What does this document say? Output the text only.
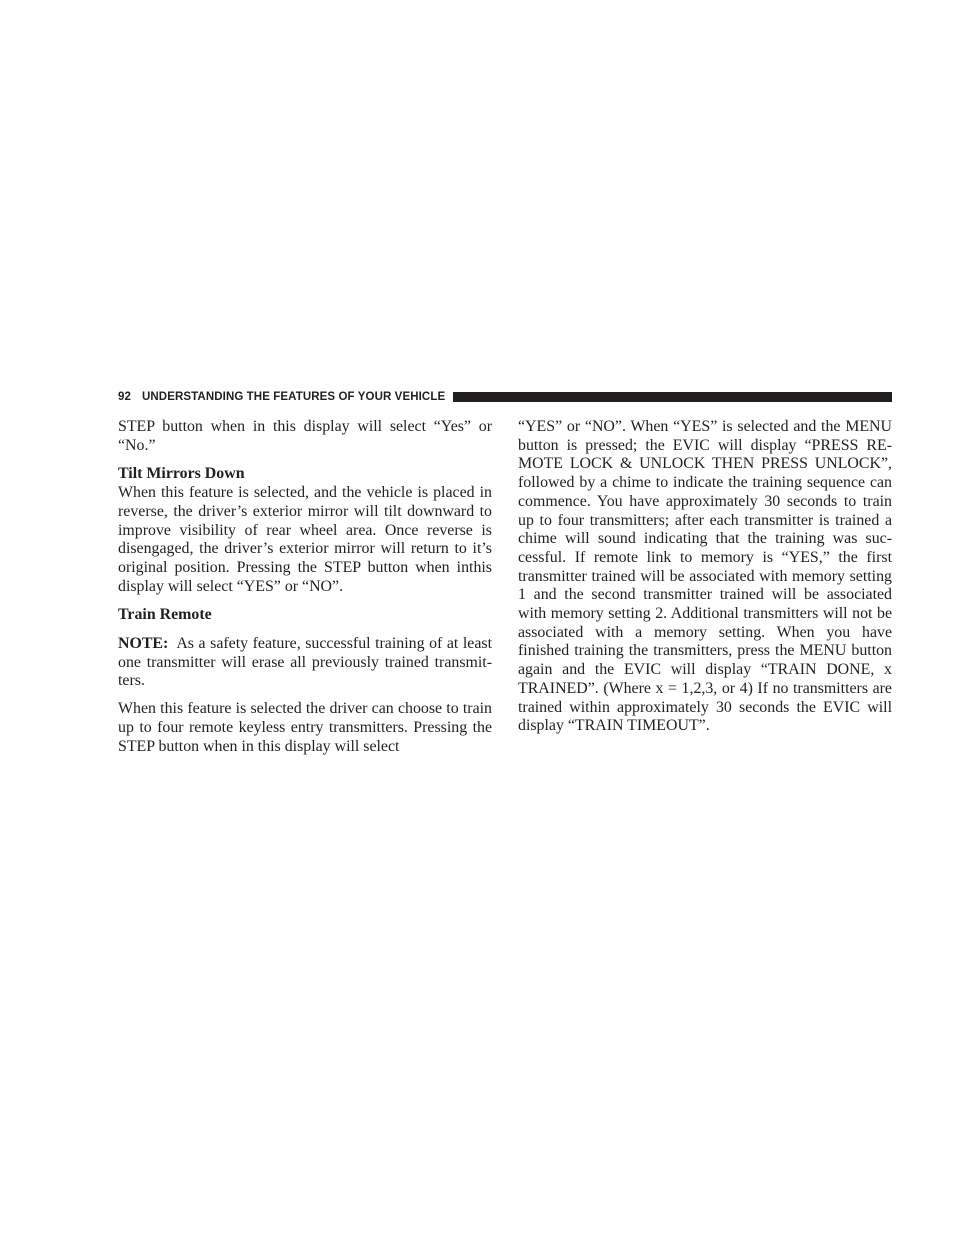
92 UNDERSTANDING THE FEATURES OF YOUR VEHICLE

STEP button when in this display will select “Yes” or “No.”

Tilt Mirrors Down

When this feature is selected, and the vehicle is placed in reverse, the driver’s exterior mirror will tilt downward to improve visibility of rear wheel area. Once reverse is disengaged, the driver’s exterior mirror will return to it’s original position. Pressing the STEP button when inthis display will select “YES” or “NO”.

Train Remote

NOTE: As a safety feature, successful training of at least one transmitter will erase all previously trained transmitters.

When this feature is selected the driver can choose to train up to four remote keyless entry transmitters. Pressing the STEP button when in this display will select

“YES” or “NO”. When “YES” is selected and the MENU button is pressed; the EVIC will display “PRESS REMOTE LOCK & UNLOCK THEN PRESS UNLOCK”, followed by a chime to indicate the training sequence can commence. You have approximately 30 seconds to train up to four transmitters; after each transmitter is trained a chime will sound indicating that the training was successful. If remote link to memory is “YES,” the first transmitter trained will be associated with memory setting 1 and the second transmitter trained will be associated with memory setting 2. Additional transmitters will not be associated with a memory setting. When you have finished training the transmitters, press the MENU button again and the EVIC will display “TRAIN DONE, x TRAINED”. (Where x = 1,2,3, or 4) If no transmitters are trained within approximately 30 seconds the EVIC will display “TRAIN TIMEOUT”.
